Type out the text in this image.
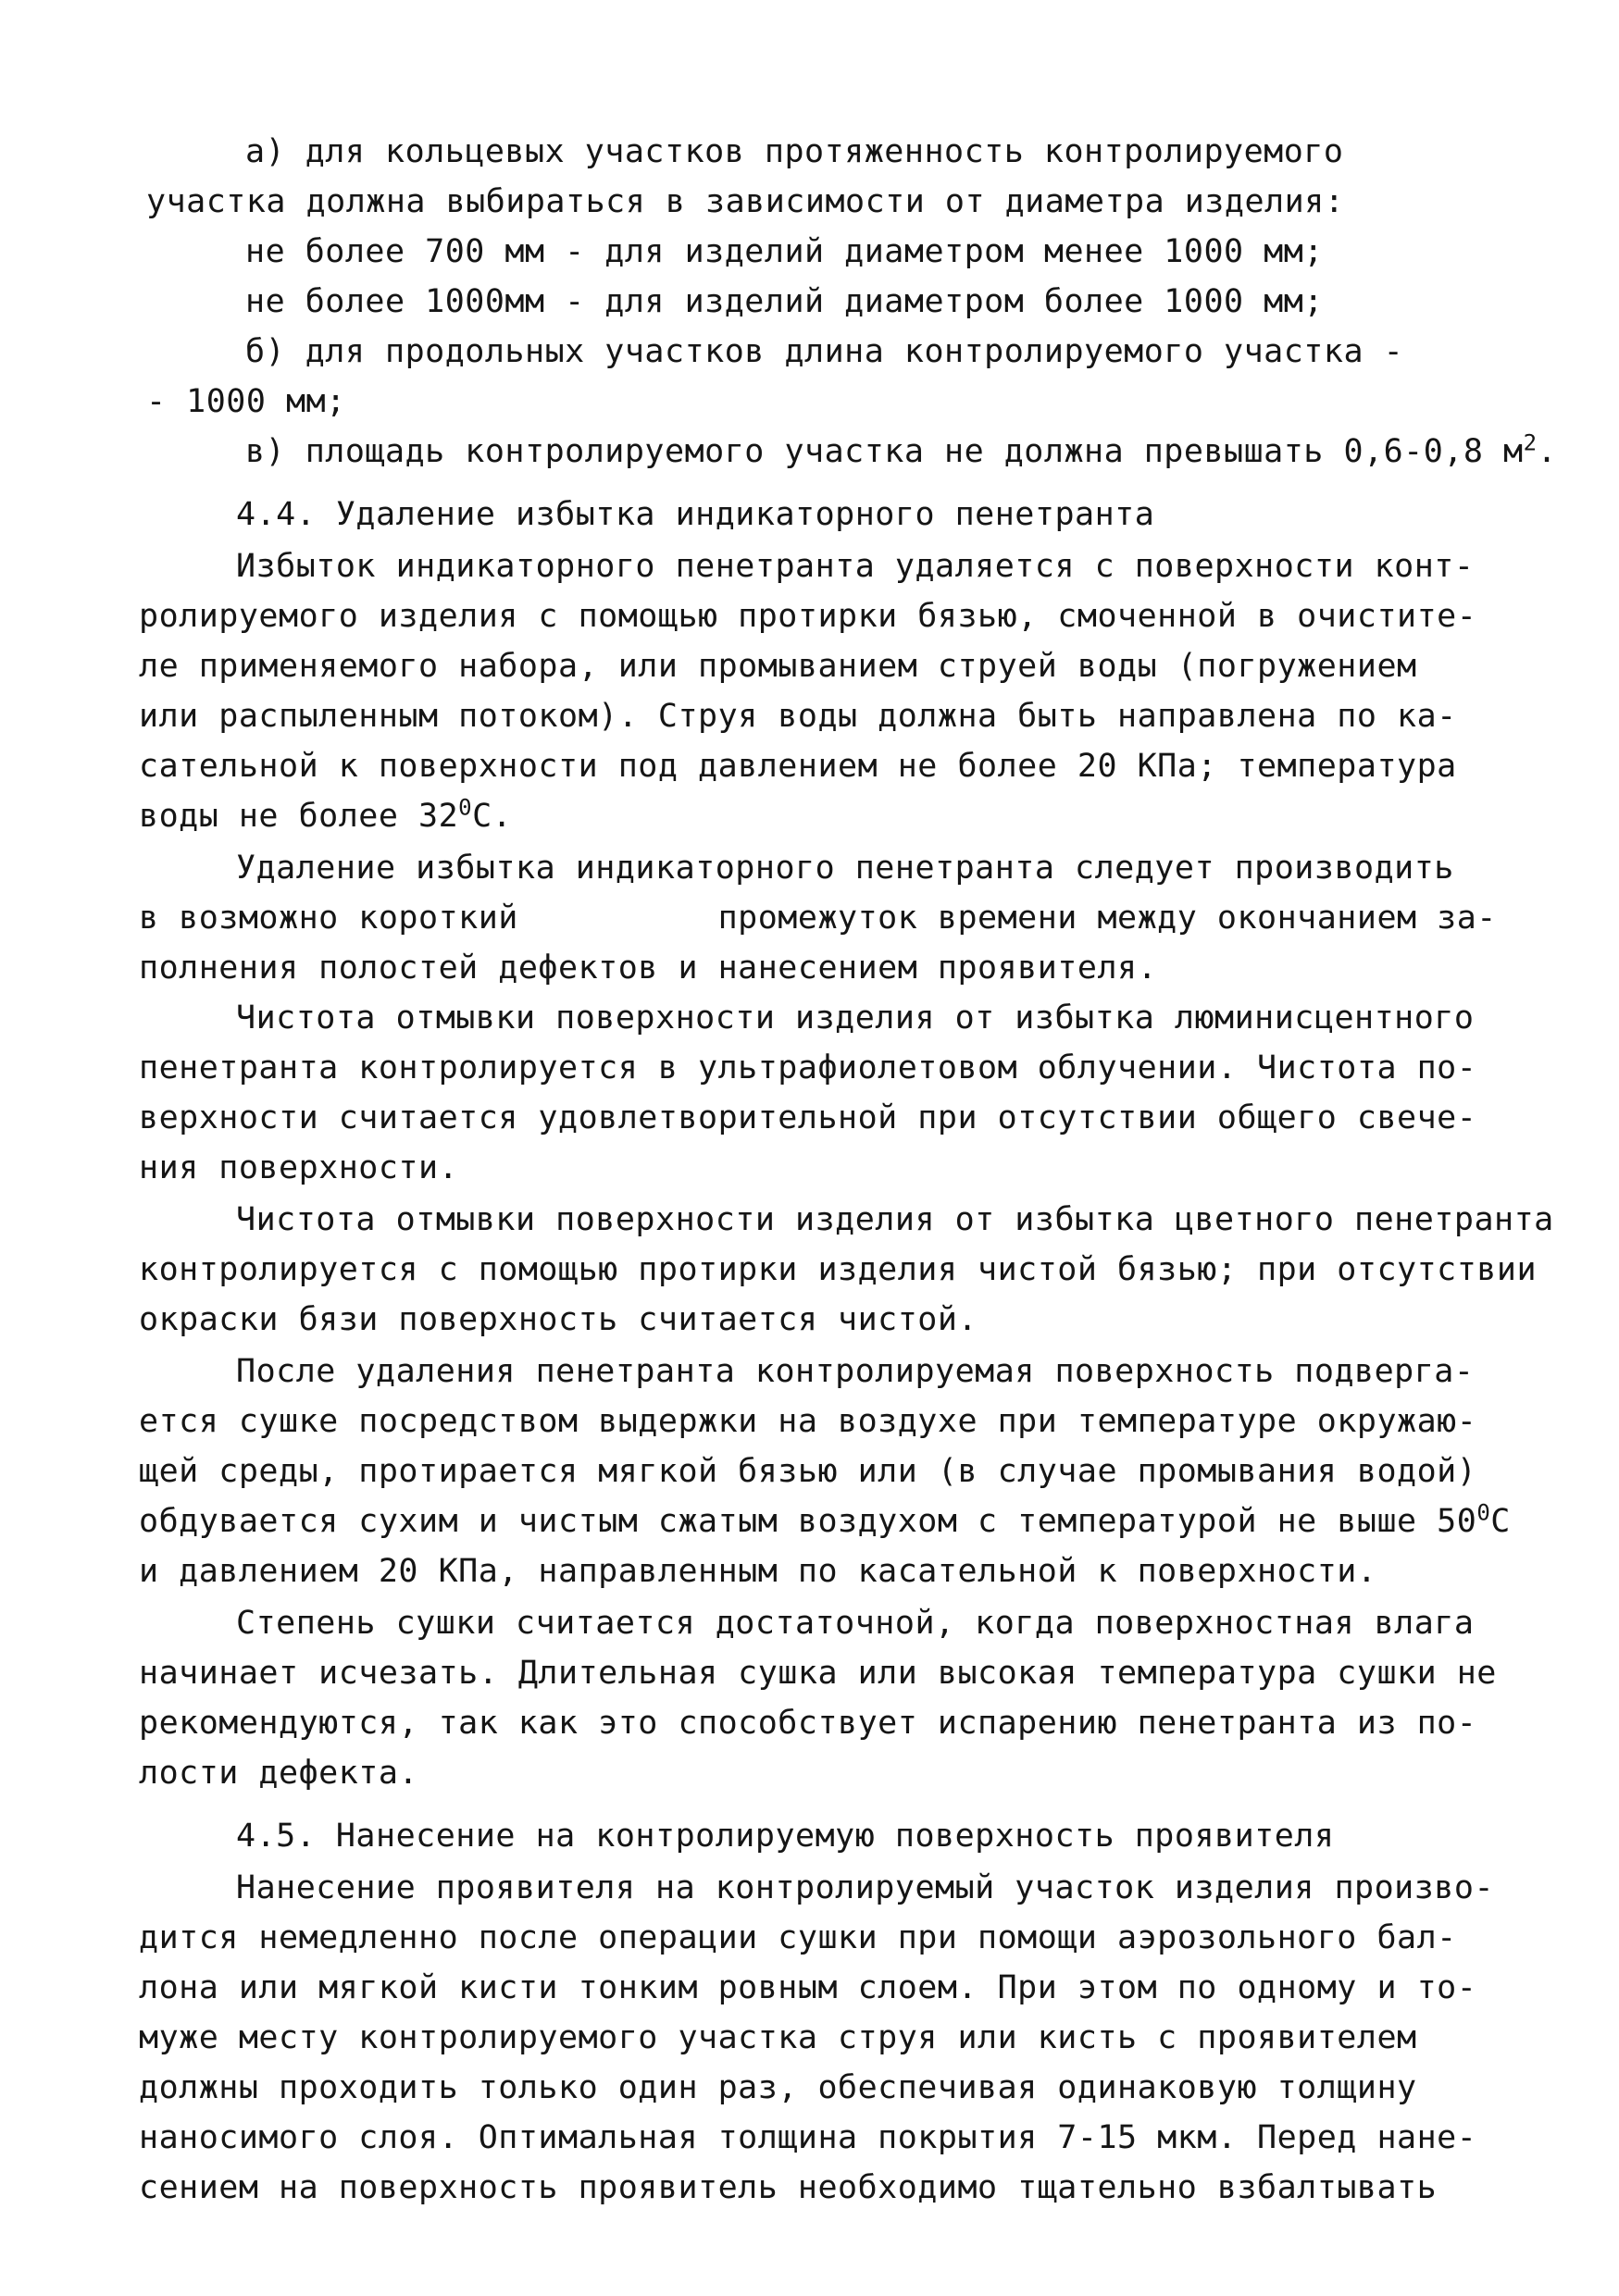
а) для кольцевых участков протяженность контролируемого
участка должна выбираться в зависимости от диаметра изделия:
не более 700 мм - для изделий диаметром менее 1000 мм;
не более 1000мм - для изделий диаметром более 1000 мм;
б) для продольных участков длина контролируемого участка -
- 1000 мм;
в) площадь контролируемого участка не должна превышать 0,6-0,8 $м^2$.
4.4. Удаление избытка индикаторного пенетранта
Избыток индикаторного пенетранта удаляется с поверхности конт-
ролируемого изделия с помощью протирки бязью, смоченной в очистите-
ле применяемого набора, или промыванием струей воды (погружением
или распыленным потоком). Струя воды должна быть направлена по ка-
сательной к поверхности под давлением не более 20 КПа; температура
воды не более $32^0С$.
Удаление избытка индикаторного пенетранта следует производить
в возможно короткий          промежуток времени между окончанием за-
полнения полостей дефектов и нанесением проявителя.
Чистота отмывки поверхности изделия от избытка люминисцентного
пенетранта контролируется в ультрафиолетовом облучении. Чистота по-
верхности считается удовлетворительной при отсутствии общего свече-
ния поверхности.
Чистота отмывки поверхности изделия от избытка цветного пенетранта
контролируется с помощью протирки изделия чистой бязью; при отсутствии
окраски бязи поверхность считается чистой.
После удаления пенетранта контролируемая поверхность подверга-
ется сушке посредством выдержки на воздухе при температуре окружаю-
щей среды, протирается мягкой бязью или (в случае промывания водой)
обдувается сухим и чистым сжатым воздухом с температурой не выше $50^0С$
и давлением 20 КПа, направленным по касательной к поверхности.
Степень сушки считается достаточной, когда поверхностная влага
начинает исчезать. Длительная сушка или высокая температура сушки не
рекомендуются, так как это способствует испарению пенетранта из по-
лости дефекта.
4.5. Нанесение на контролируемую поверхность проявителя
Нанесение проявителя на контролируемый участок изделия произво-
дится немедленно после операции сушки при помощи аэрозольного бал-
лона или мягкой кисти тонким ровным слоем. При этом по одному и то-
муже месту контролируемого участка струя или кисть с проявителем
должны проходить только один раз, обеспечивая одинаковую толщину
наносимого слоя. Оптимальная толщина покрытия 7-15 мкм. Перед нане-
сением на поверхность проявитель необходимо тщательно взбалтывать
